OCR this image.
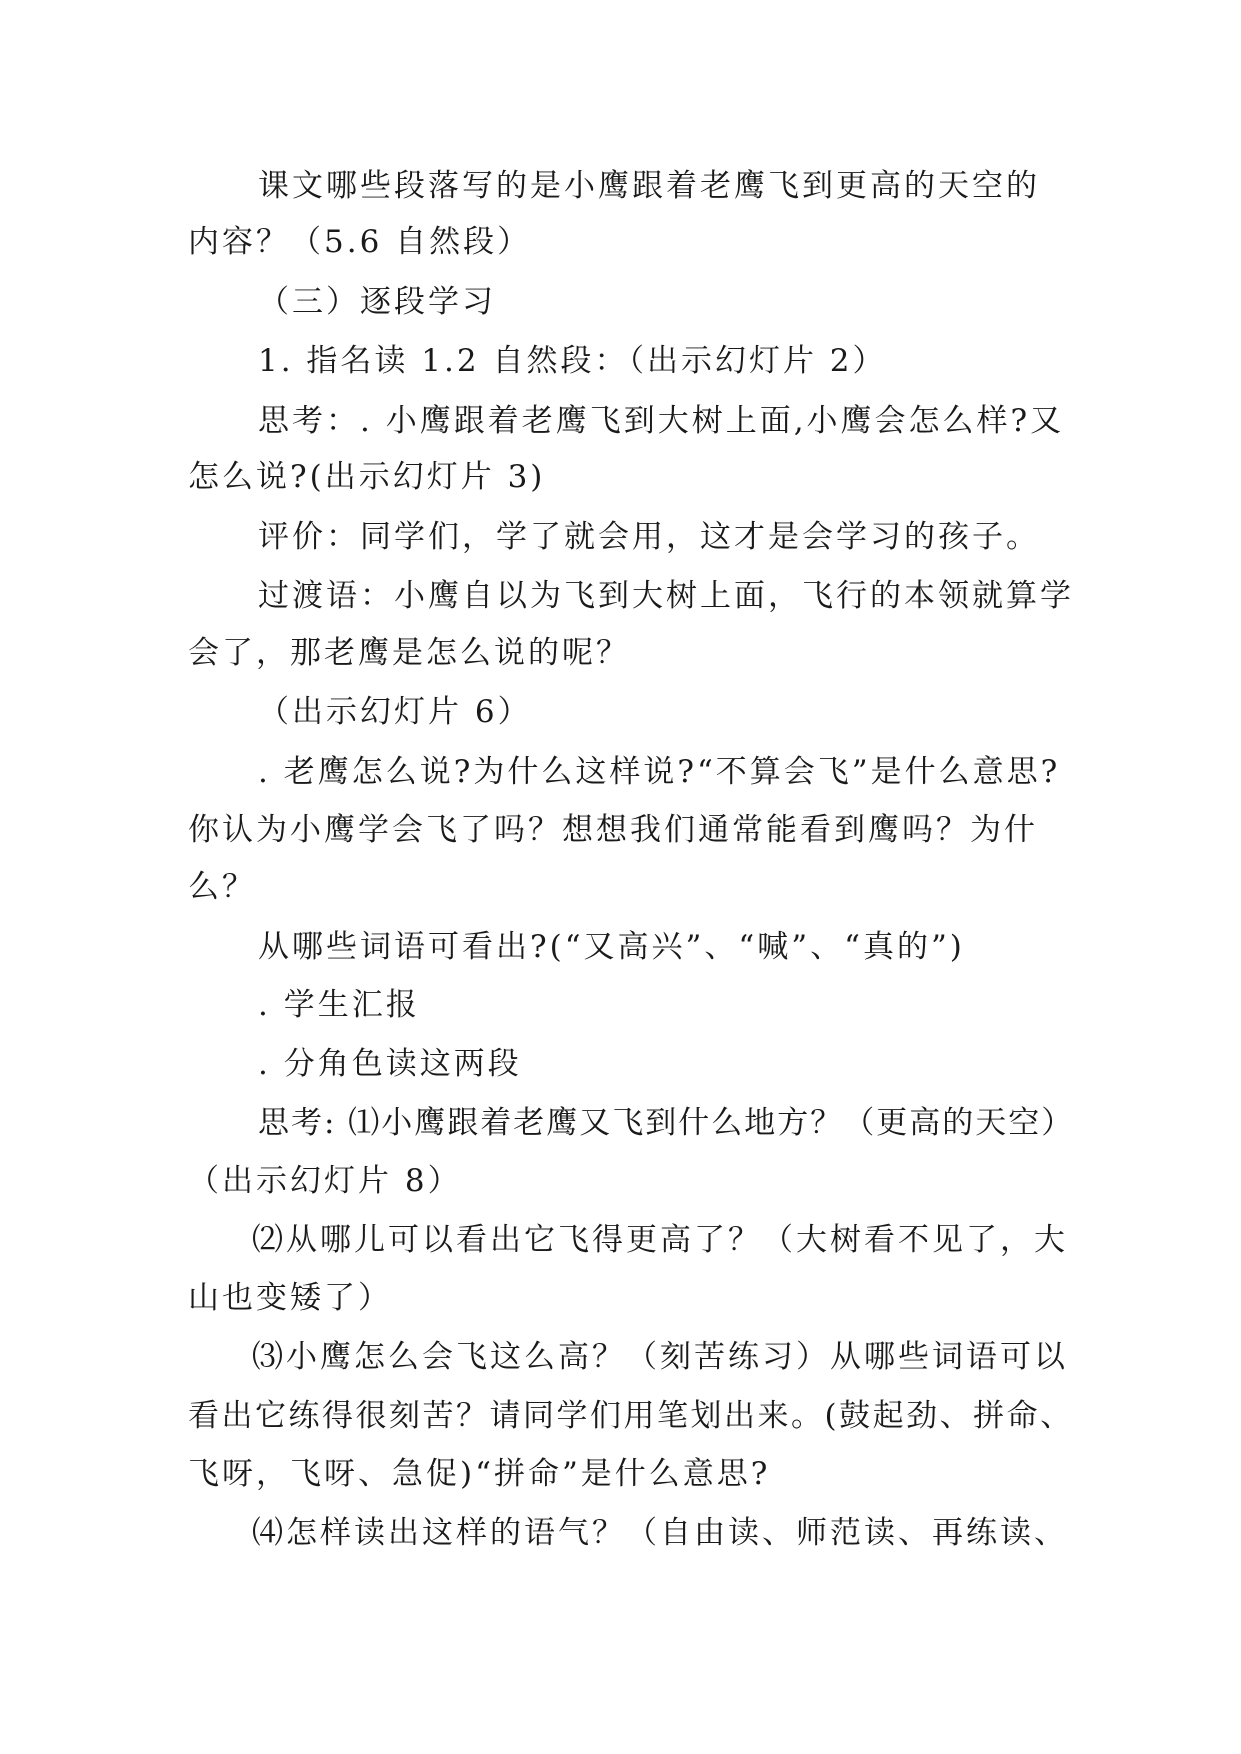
课文哪些段落写的是小鹰跟着老鹰飞到更高的天空的
内容？（5.6 自然段）
（三）逐段学习
1. 指名读 1.2 自然段：（出示幻灯片 2）
思考：. 小鹰跟着老鹰飞到大树上面,小鹰会怎么样?又
怎么说?(出示幻灯片 3)
评价：同学们，学了就会用，这才是会学习的孩子。
过渡语：小鹰自以为飞到大树上面，飞行的本领就算学
会了，那老鹰是怎么说的呢？
（出示幻灯片 6）
. 老鹰怎么说?为什么这样说?“不算会飞”是什么意思?
你认为小鹰学会飞了吗？想想我们通常能看到鹰吗？为什
么？
从哪些词语可看出?(“又高兴”、“喊”、“真的”)
. 学生汇报
. 分角色读这两段
思考: ⑴小鹰跟着老鹰又飞到什么地方？（更高的天空）
（出示幻灯片 8）
⑵从哪儿可以看出它飞得更高了？（大树看不见了，大
山也变矮了）
⑶小鹰怎么会飞这么高？（刻苦练习）从哪些词语可以
看出它练得很刻苦？请同学们用笔划出来。(鼓起劲、拼命、
飞呀，飞呀、急促)“拼命”是什么意思?
⑷怎样读出这样的语气？（自由读、师范读、再练读、
